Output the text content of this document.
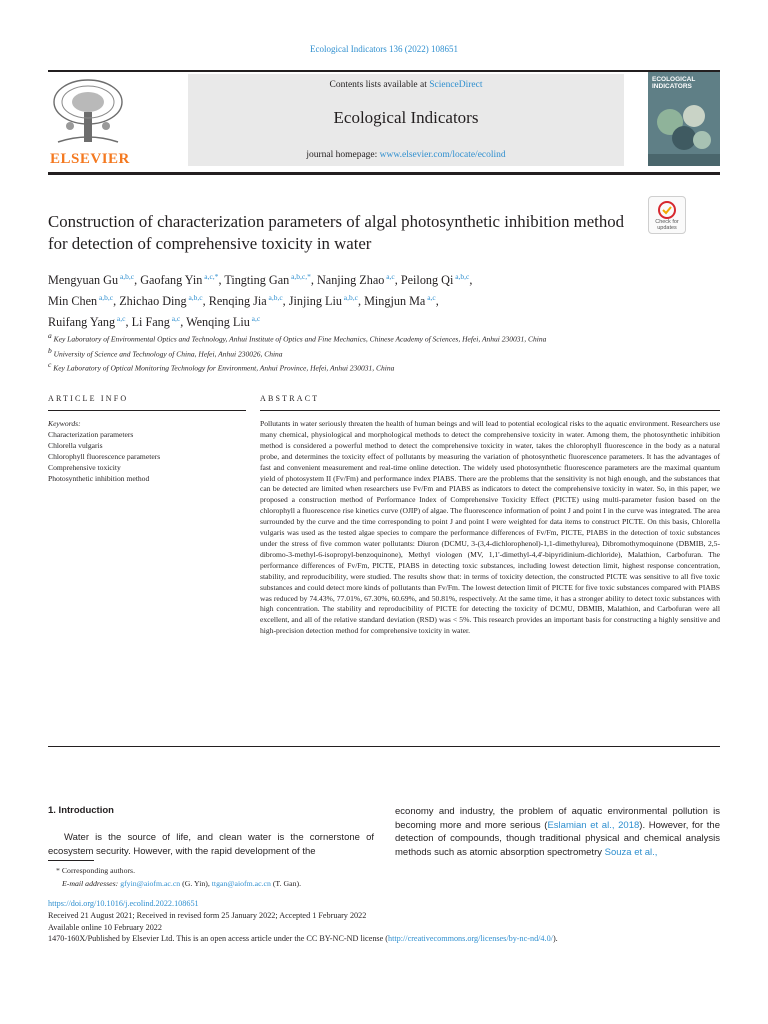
Ecological Indicators 136 (2022) 108651
ELSEVIER
Contents lists available at ScienceDirect
Ecological Indicators
journal homepage: www.elsevier.com/locate/ecolind
ECOLOGICAL INDICATORS
Check for updates
Construction of characterization parameters of algal photosynthetic inhibition method for detection of comprehensive toxicity in water
Mengyuan Gu $^{a,b,c}$, Gaofang Yin $^{a,c,*}$, Tingting Gan $^{a,b,c,*}$, Nanjing Zhao $^{a,c}$, Peilong Qi $^{a,b,c}$,
Min Chen $^{a,b,c}$, Zhichao Ding $^{a,b,c}$, Renqing Jia $^{a,b,c}$, Jinjing Liu $^{a,b,c}$, Mingjun Ma $^{a,c}$,
Ruifang Yang $^{a,c}$, Li Fang $^{a,c}$, Wenqing Liu $^{a,c}$
$^a$ Key Laboratory of Environmental Optics and Technology, Anhui Institute of Optics and Fine Mechanics, Chinese Academy of Sciences, Hefei, Anhui 230031, China
$^b$ University of Science and Technology of China, Hefei, Anhui 230026, China
$^c$ Key Laboratory of Optical Monitoring Technology for Environment, Anhui Province, Hefei, Anhui 230031, China
ARTICLE INFO	ABSTRACT
Keywords:
Characterization parameters
Chlorella vulgaris
Chlorophyll fluorescence parameters
Comprehensive toxicity
Photosynthetic inhibition method
Pollutants in water seriously threaten the health of human beings and will lead to potential ecological risks to the aquatic environment. Researchers use many chemical, physiological and morphological methods to detect the comprehensive toxicity in water. Among them, the photosynthetic inhibition method is considered a powerful method to detect the comprehensive toxicity in water, takes the chlorophyll fluorescence in the body as a natural probe, and determines the toxicity effect of pollutants by measuring the variation of photosynthetic fluorescence parameters. It has the advantages of fast and convenient measurement and real-time online detection. The widely used photosynthetic fluorescence parameters are the maximal quantum yield of photosystem II (Fv/Fm) and performance index PIABS. There are the problems that the sensitivity is not high enough, and the substances that can be detected are limited when researchers use Fv/Fm and PIABS as indicators to detect the comprehensive toxicity in water. So, in this paper, we proposed a construction method of Performance Index of Comprehensive Toxicity Effect (PICTE) using multi-parameter fusion based on the chlorophyll a fluorescence rise kinetics curve (OJIP) of algae. The fluorescence information of point J and point I in the curve was integrated. The area surrounded by the curve and the time corresponding to point J and point I were weighted for data items to construct PICTE. On this basis, Chlorella vulgaris was used as the tested algae species to compare the performance differences of Fv/Fm, PICTE, PIABS in the detection of toxic substances under the stress of five common water pollutants: Diuron (DCMU, 3-(3,4-dichlorophenol)-1,1-dimethylurea), Dibromothymoquinone (DBMIB, 2,5-dibromo-3-methyl-6-isopropyl-benzoquinone), Methyl viologen (MV, 1,1'-dimethyl-4,4'-bipyridinium-dichloride), Malathion, Carbofuran. The performance differences of Fv/Fm, PICTE, PIABS in detecting toxic substances, including lowest detection limit, highest response concentration, stability, and reproducibility, were studied. The results show that: in terms of toxicity detection, the constructed PICTE was sensitive to all five toxic substances and could detect more kinds of pollutants than Fv/Fm. The lowest detection limit of PICTE for five toxic substances compared with PIABS was reduced by 74.43%, 77.01%, 67.30%, 60.69%, and 50.81%, respectively. At the same time, it has a stronger ability to detect toxic substances with high concentration. The stability and reproducibility of PICTE for detecting the toxicity of DCMU, DBMIB, Malathion, and Carbofuran were all excellent, and all of the relative standard deviation (RSD) was < 5%. This research provides an important basis for constructing a highly sensitive and high-precision detection method for comprehensive toxicity in water.
1. Introduction
Water is the source of life, and clean water is the cornerstone of ecosystem security. However, with the rapid development of the
economy and industry, the problem of aquatic environmental pollution is becoming more and more serious (Eslamian et al., 2018). However, for the detection of compounds, though traditional physical and chemical analysis methods such as atomic absorption spectrometry Souza et al.,
* Corresponding authors.
E-mail addresses: gfyin@aiofm.ac.cn (G. Yin), ttgan@aiofm.ac.cn (T. Gan).
https://doi.org/10.1016/j.ecolind.2022.108651
Received 21 August 2021; Received in revised form 25 January 2022; Accepted 1 February 2022
Available online 10 February 2022
1470-160X/Published by Elsevier Ltd. This is an open access article under the CC BY-NC-ND license (http://creativecommons.org/licenses/by-nc-nd/4.0/).
